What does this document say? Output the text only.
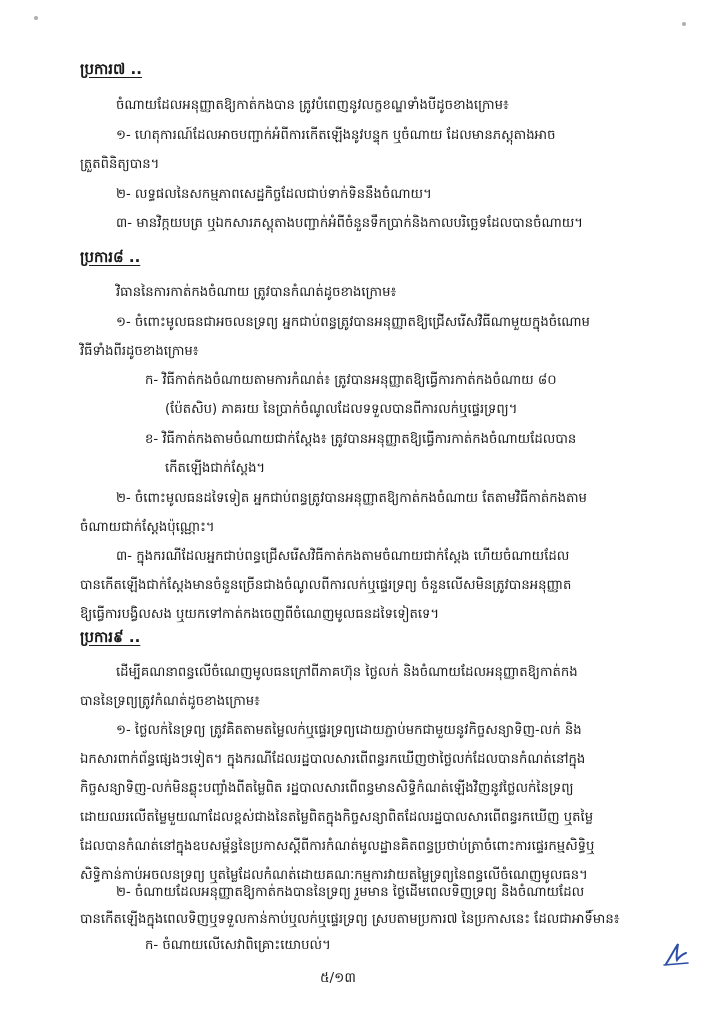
ប្រការ៧ ..
ចំណាយដែលអនុញ្ញាតឱ្យកាត់កងបាន ត្រូវបំពេញនូវលក្ខខណ្ឌទាំងបីដូចខាងក្រោម៖
១- ហេតុការណ៍ដែលអាចបញ្ជាក់អំពីការកើតឡើងនូវបន្ទុក ឬចំណាយ ដែលមានភស្តុតាងអាច
ត្រួតពិនិត្យបាន។
២- លទ្ធផលនៃសកម្មភាពសេដ្ឋកិច្ចដែលជាប់ទាក់ទិននឹងចំណាយ។
៣- មានវិក្កយបត្រ ឬឯកសារភស្តុតាងបញ្ជាក់អំពីចំនួនទឹកប្រាក់និងកាលបរិច្ឆេទដែលបានចំណាយ។
ប្រការ៨ ..
វិធាននៃការកាត់កងចំណាយ ត្រូវបានកំណត់ដូចខាងក្រោម៖
១- ចំពោះមូលធនជាអចលនទ្រព្យ អ្នកជាប់ពន្ធត្រូវបានអនុញ្ញាតឱ្យជ្រើសរើសវិធីណាមួយក្នុងចំណោម
វិធីទាំងពីរដូចខាងក្រោម៖
ក- វិធីកាត់កងចំណាយតាមការកំណត់៖ ត្រូវបានអនុញ្ញាតឱ្យធ្វើការកាត់កងចំណាយ ៨០
(ប៉ែតសិប) ភាគរយ នៃប្រាក់ចំណូលដែលទទួលបានពីការលក់ឬផ្ទេរទ្រព្យ។
ខ- វិធីកាត់កងតាមចំណាយជាក់ស្តែង៖ ត្រូវបានអនុញ្ញាតឱ្យធ្វើការកាត់កងចំណាយដែលបាន
កើតឡើងជាក់ស្តែង។
២- ចំពោះមូលធនដទៃទៀត អ្នកជាប់ពន្ធត្រូវបានអនុញ្ញាតឱ្យកាត់កងចំណាយ តែតាមវិធីកាត់កងតាម
ចំណាយជាក់ស្តែងប៉ុណ្ណោះ។
៣- ក្នុងករណីដែលអ្នកជាប់ពន្ធជ្រើសរើសវិធីកាត់កងតាមចំណាយជាក់ស្តែង ហើយចំណាយដែល
បានកើតឡើងជាក់ស្តែងមានចំនួនច្រើនជាងចំណូលពីការលក់ឬផ្ទេរទ្រព្យ ចំនួនលើសមិនត្រូវបានអនុញ្ញាត
ឱ្យធ្វើការបង្វិលសង ឬយកទៅកាត់កងចេញពីចំណេញមូលធនដទៃទៀតទេ។
ប្រការ៩ ..
ដើម្បីគណនាពន្ធលើចំណេញមូលធនក្រៅពីភាគហ៊ុន ថ្លៃលក់ និងចំណាយដែលអនុញ្ញាតឱ្យកាត់កង
បាននៃទ្រព្យត្រូវកំណត់ដូចខាងក្រោម៖
១- ថ្លៃលក់នៃទ្រព្យ ត្រូវគិតតាមតម្លៃលក់ឬផ្ទេរទ្រព្យដោយភ្ជាប់មកជាមួយនូវកិច្ចសន្យាទិញ-លក់ និង
ឯកសារពាក់ព័ន្ធផ្សេងៗទៀត។ ក្នុងករណីដែលរដ្ឋបាលសារពើពន្ធរកឃើញថាថ្លៃលក់ដែលបានកំណត់នៅក្នុង
កិច្ចសន្យាទិញ-លក់មិនឆ្លុះបញ្ចាំងពីតម្លៃពិត រដ្ឋបាលសារពើពន្ធមានសិទ្ធិកំណត់ឡើងវិញនូវថ្លៃលក់នៃទ្រព្យ
ដោយឈរលើតម្លៃមួយណាដែលខ្ពស់ជាងនៃតម្លៃពិតក្នុងកិច្ចសន្យាពិតដែលរដ្ឋបាលសារពើពន្ធរកឃើញ ឬតម្លៃ
ដែលបានកំណត់នៅក្នុងឧបសម្ព័ន្ធនៃប្រកាសស្តីពីការកំណត់មូលដ្ឋានគិតពន្ធប្រថាប់ត្រាចំពោះការផ្ទេរកម្មសិទ្ធិឬ
សិទ្ធិកាន់កាប់អចលនទ្រព្យ ឬតម្លៃដែលកំណត់ដោយគណៈកម្មការវាយតម្លៃទ្រព្យនៃពន្ធលើចំណេញមូលធន។
២- ចំណាយដែលអនុញ្ញាតឱ្យកាត់កងបាននៃទ្រព្យ រួមមាន ថ្លៃដើមពេលទិញទ្រព្យ និងចំណាយដែល
បានកើតឡើងក្នុងពេលទិញឬទទួលកាន់កាប់ឬលក់ឬផ្ទេរទ្រព្យ ស្របតាមប្រការ៧ នៃប្រកាសនេះ ដែលជាអាទិ៍មាន៖
ក- ចំណាយលើសេវាពិគ្រោះយោបល់។
៥/១៣
